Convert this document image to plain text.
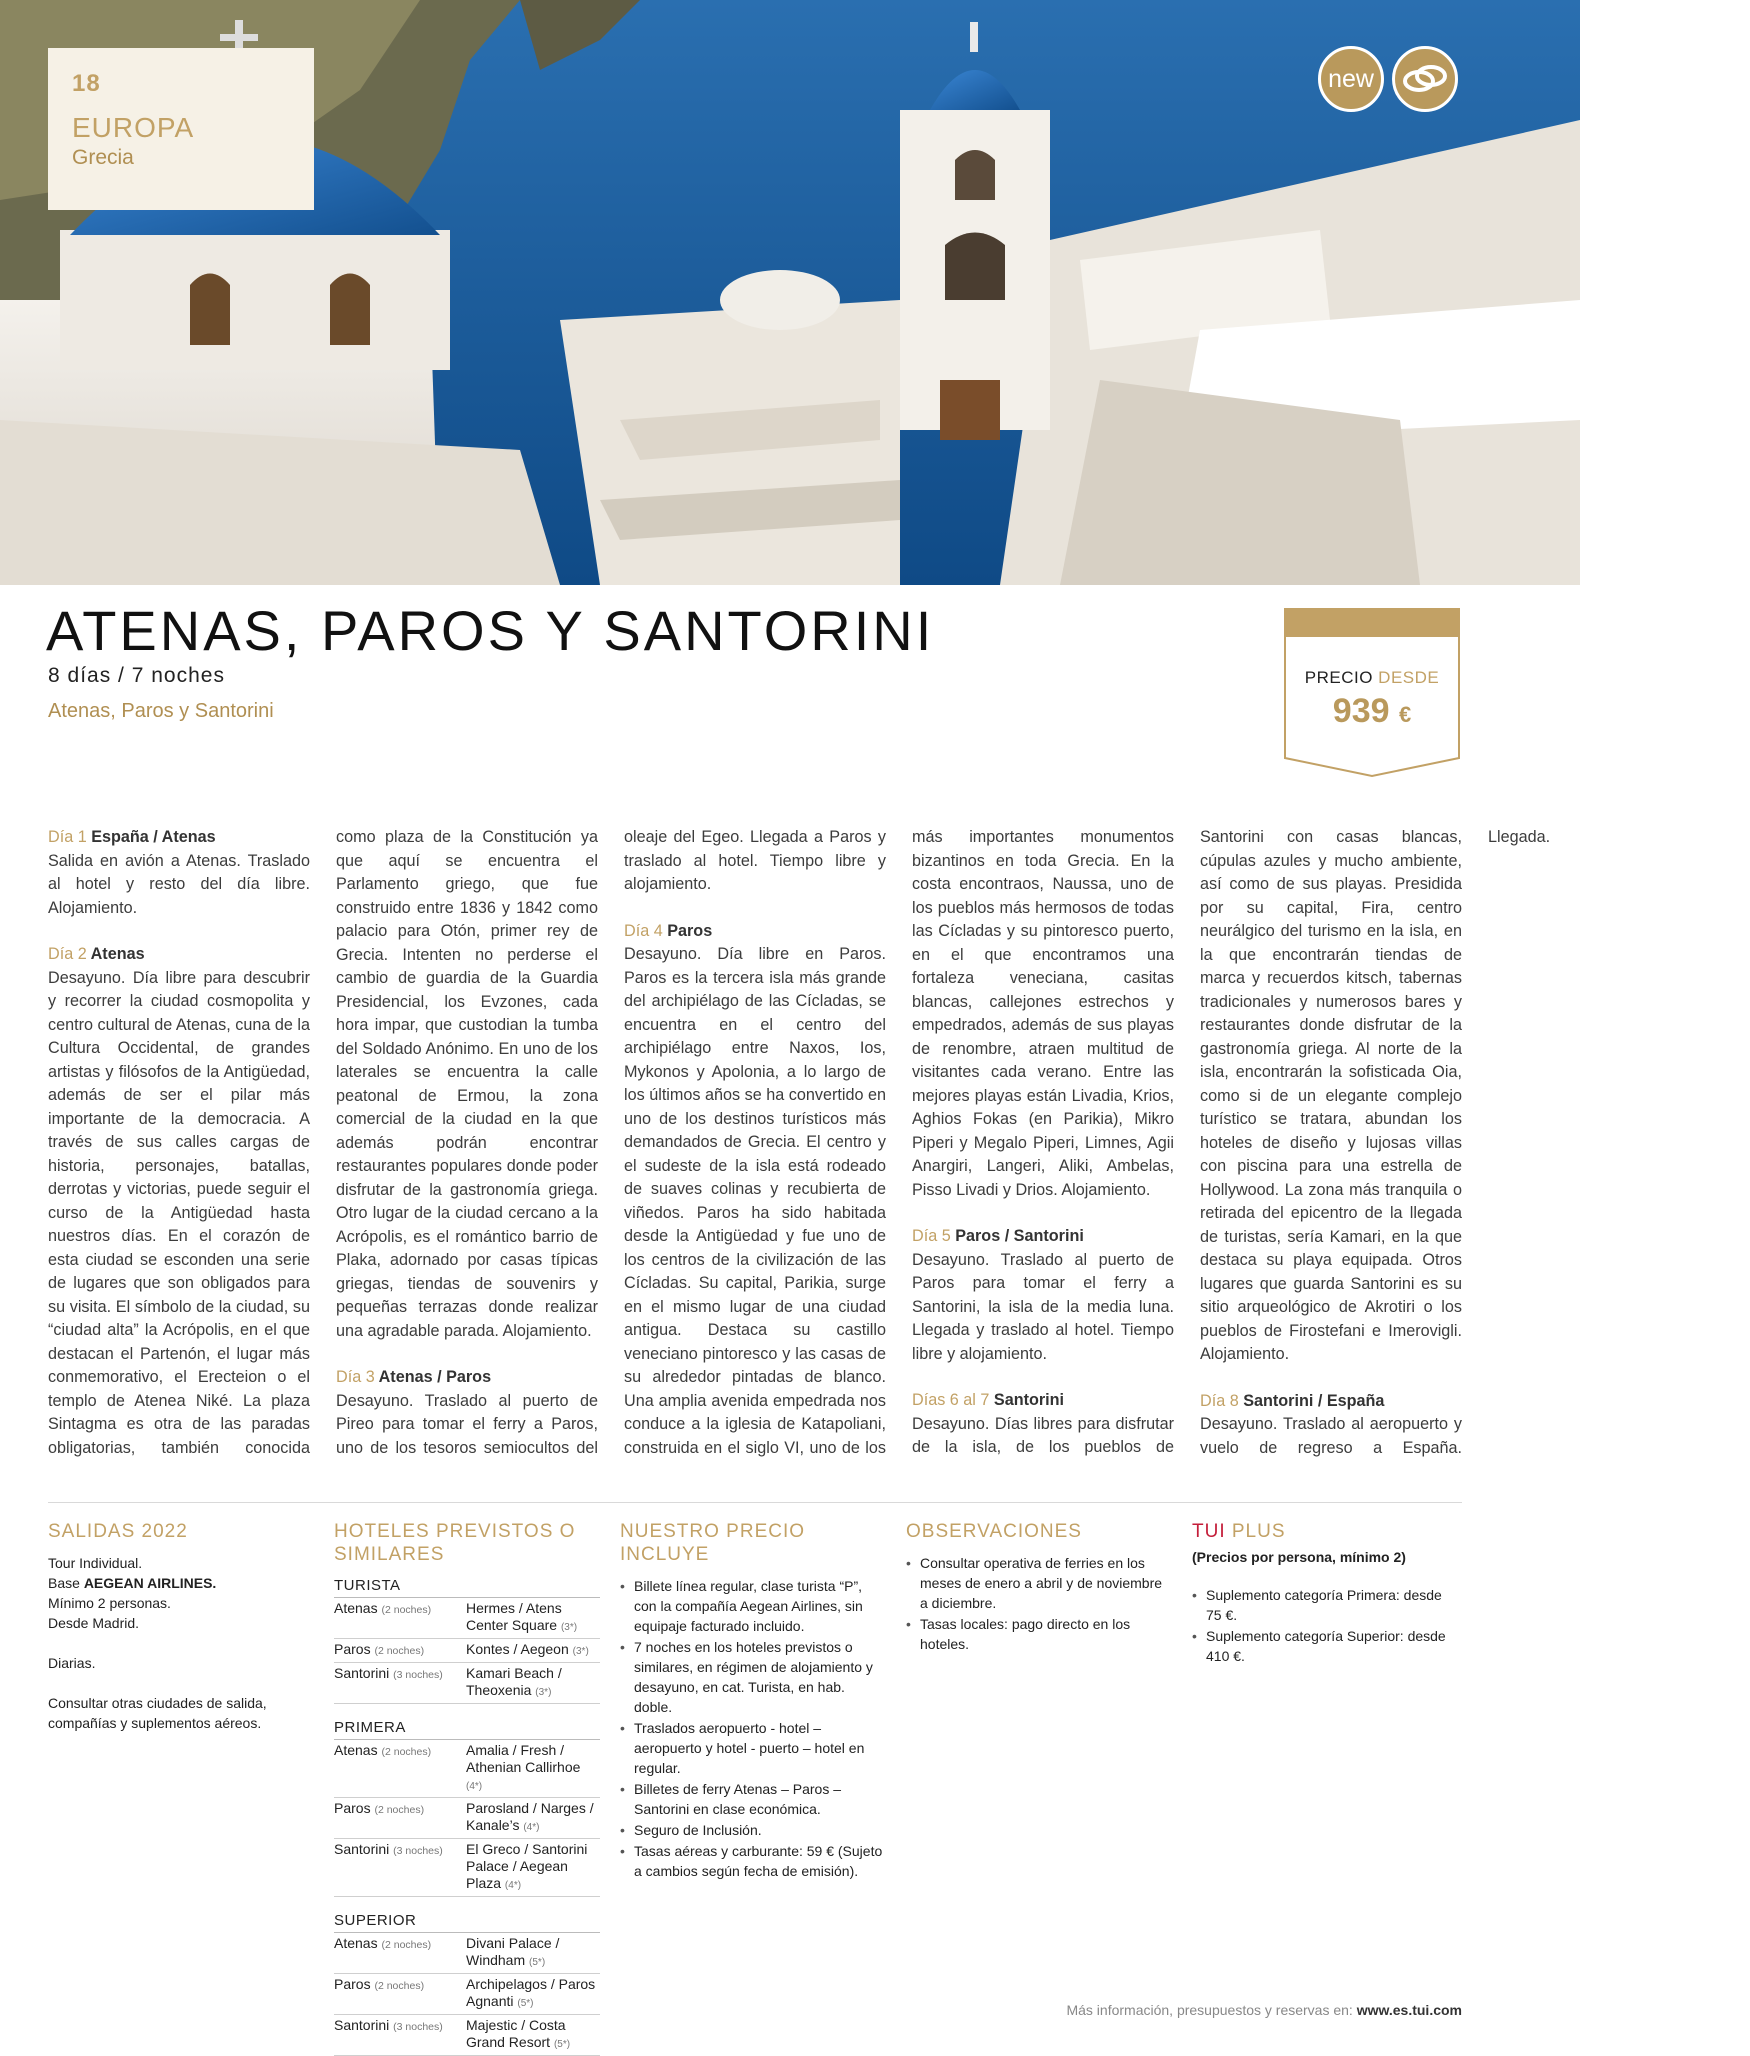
18
EUROPA
Grecia
new
ATENAS, PAROS Y SANTORINI
8 días / 7 noches
Atenas, Paros y Santorini
PRECIO DESDE
939 €
Día 1 España / Atenas
Salida en avión a Atenas. Traslado al hotel y resto del día libre. Alojamiento.
Día 2 Atenas
Desayuno. Día libre para descubrir y recorrer la ciudad cosmopolita y centro cultural de Atenas, cuna de la Cultura Occidental, de grandes artistas y filósofos de la Antigüedad, además de ser el pilar más importante de la democracia. A través de sus calles cargas de historia, personajes, batallas, derrotas y victorias, puede seguir el curso de la Antigüedad hasta nuestros días. En el corazón de esta ciudad se esconden una serie de lugares que son obligados para su visita. El símbolo de la ciudad, su “ciudad alta” la Acrópolis, en el que destacan el Partenón, el lugar más conmemorativo, el Erecteion o el templo de Atenea Niké. La plaza Sintagma es otra de las paradas obligatorias, también conocida como plaza de la Constitución ya que aquí se encuentra el Parlamento griego, que fue construido entre 1836 y 1842 como palacio para Otón, primer rey de Grecia. Intenten no perderse el cambio de guardia de la Guardia Presidencial, los Evzones, cada hora impar, que custodian la tumba del Soldado Anónimo. En uno de los laterales se encuentra la calle peatonal de Ermou, la zona comercial de la ciudad en la que además podrán encontrar restaurantes populares donde poder disfrutar de la gastronomía griega. Otro lugar de la ciudad cercano a la Acrópolis, es el romántico barrio de Plaka, adornado por casas típicas griegas, tiendas de souvenirs y pequeñas terrazas donde realizar una agradable parada. Alojamiento.
Día 3 Atenas / Paros
Desayuno. Traslado al puerto de Pireo para tomar el ferry a Paros, uno de los tesoros semiocultos del oleaje del Egeo. Llegada a Paros y traslado al hotel. Tiempo libre y alojamiento.
Día 4 Paros
Desayuno. Día libre en Paros. Paros es la tercera isla más grande del archipiélago de las Cícladas, se encuentra en el centro del archipiélago entre Naxos, Ios, Mykonos y Apolonia, a lo largo de los últimos años se ha convertido en uno de los destinos turísticos más demandados de Grecia. El centro y el sudeste de la isla está rodeado de suaves colinas y recubierta de viñedos. Paros ha sido habitada desde la Antigüedad y fue uno de los centros de la civilización de las Cícladas. Su capital, Parikia, surge en el mismo lugar de una ciudad antigua. Destaca su castillo veneciano pintoresco y las casas de su alrededor pintadas de blanco. Una amplia avenida empedrada nos conduce a la iglesia de Katapoliani, construida en el siglo VI, uno de los más importantes monumentos bizantinos en toda Grecia. En la costa encontraos, Naussa, uno de los pueblos más hermosos de todas las Cícladas y su pintoresco puerto, en el que encontramos una fortaleza veneciana, casitas blancas, callejones estrechos y empedrados, además de sus playas de renombre, atraen multitud de visitantes cada verano. Entre las mejores playas están Livadia, Krios, Aghios Fokas (en Parikia), Mikro Piperi y Megalo Piperi, Limnes, Agii Anargiri, Langeri, Aliki, Ambelas, Pisso Livadi y Drios. Alojamiento.
Día 5 Paros / Santorini
Desayuno. Traslado al puerto de Paros para tomar el ferry a Santorini, la isla de la media luna. Llegada y traslado al hotel. Tiempo libre y alojamiento.
Días 6 al 7 Santorini
Desayuno. Días libres para disfrutar de la isla, de los pueblos de Santorini con casas blancas, cúpulas azules y mucho ambiente, así como de sus playas. Presidida por su capital, Fira, centro neurálgico del turismo en la isla, en la que encontrarán tiendas de marca y recuerdos kitsch, tabernas tradicionales y numerosos bares y restaurantes donde disfrutar de la gastronomía griega. Al norte de la isla, encontrarán la sofisticada Oia, como si de un elegante complejo turístico se tratara, abundan los hoteles de diseño y lujosas villas con piscina para una estrella de Hollywood. La zona más tranquila o retirada del epicentro de la llegada de turistas, sería Kamari, en la que destaca su playa equipada. Otros lugares que guarda Santorini es su sitio arqueológico de Akrotiri o los pueblos de Firostefani e Imerovigli. Alojamiento.
Día 8 Santorini / España
Desayuno. Traslado al aeropuerto y vuelo de regreso a España. Llegada.
SALIDAS 2022

Tour Individual.

Base AEGEAN AIRLINES.

Mínimo 2 personas.

Desde Madrid.

Diarias.

Consultar otras ciudades de salida, compañías y suplementos aéreos.

HOTELES PREVISTOS O SIMILARES
TURISTA
Atenas (2 noches)	Hermes / Atens Center Square (3*)
Paros (2 noches)	Kontes / Aegeon (3*)
Santorini (3 noches)	Kamari Beach / Theoxenia (3*)
PRIMERA
Atenas (2 noches)	Amalia / Fresh / Athenian Callirhoe (4*)
Paros (2 noches)	Parosland / Narges / Kanale’s (4*)
Santorini (3 noches)	El Greco / Santorini Palace / Aegean Plaza (4*)
SUPERIOR
Atenas (2 noches)	Divani Palace / Windham (5*)
Paros (2 noches)	Archipelagos / Paros Agnanti (5*)
Santorini (3 noches)	Majestic / Costa Grand Resort (5*)
NUESTRO PRECIO INCLUYE
• Billete línea regular, clase turista “P”, con la compañía Aegean Airlines, sin equipaje facturado incluido.
• 7 noches en los hoteles previstos o similares, en régimen de alojamiento y desayuno, en cat. Turista, en hab. doble.
• Traslados aeropuerto - hotel – aeropuerto y hotel - puerto – hotel en regular.
• Billetes de ferry Atenas – Paros – Santorini en clase económica.
• Seguro de Inclusión.
• Tasas aéreas y carburante: 59 € (Sujeto a cambios según fecha de emisión).
OBSERVACIONES
• Consultar operativa de ferries en los meses de enero a abril y de noviembre a diciembre.
• Tasas locales: pago directo en los hoteles.
TUI PLUS
(Precios por persona, mínimo 2)
• Suplemento categoría Primera: desde 75 €.
• Suplemento categoría Superior: desde 410 €.
Más información, presupuestos y reservas en: www.es.tui.com
